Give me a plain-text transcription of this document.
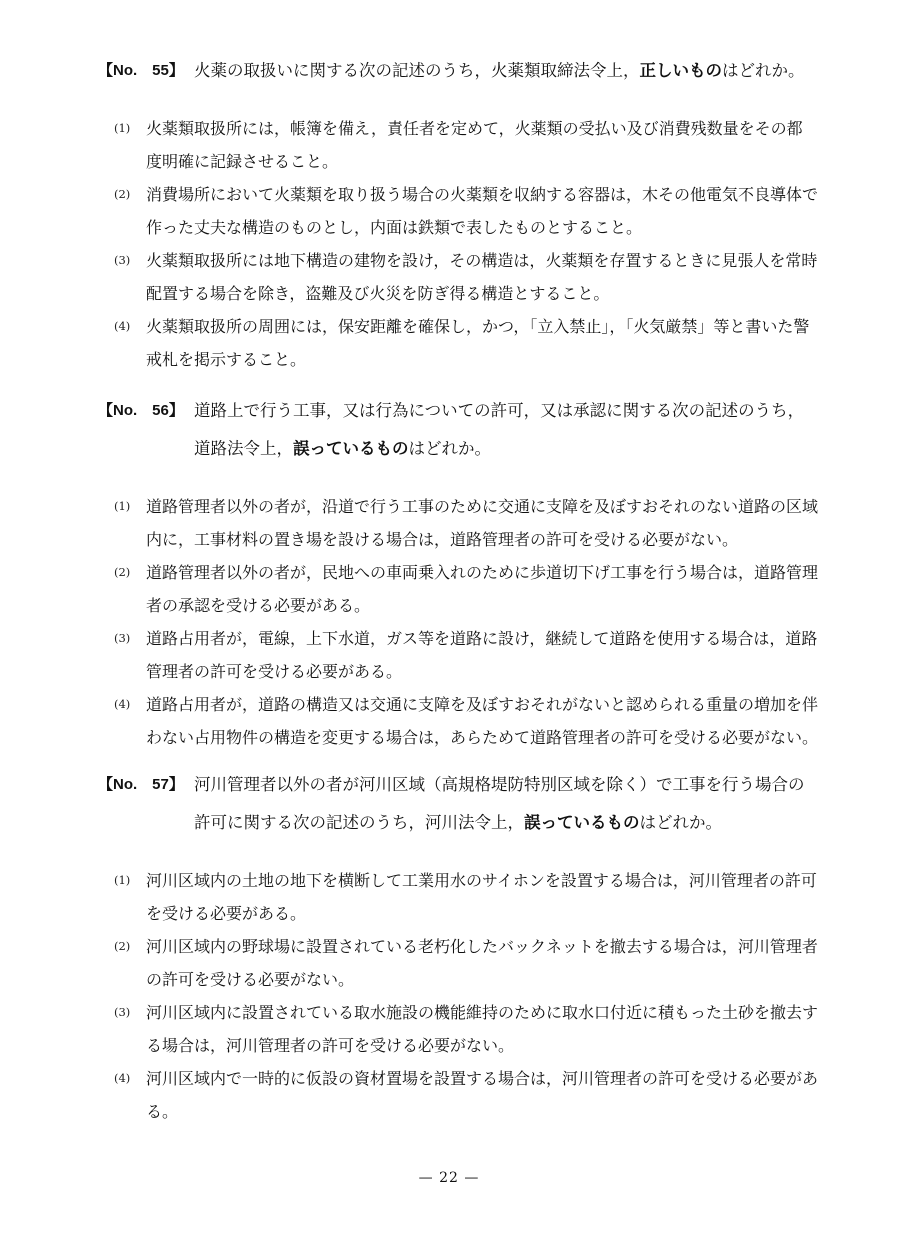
【No.　55】 火薬の取扱いに関する次の記述のうち，火薬類取締法令上，正しいものはどれか。
(1) 火薬類取扱所には，帳簿を備え，責任者を定めて，火薬類の受払い及び消費残数量をその都度明確に記録させること。
(2) 消費場所において火薬類を取り扱う場合の火薬類を収納する容器は，木その他電気不良導体で作った丈夫な構造のものとし，内面は鉄類で表したものとすること。
(3) 火薬類取扱所には地下構造の建物を設け，その構造は，火薬類を存置するときに見張人を常時配置する場合を除き，盗難及び火災を防ぎ得る構造とすること。
(4) 火薬類取扱所の周囲には，保安距離を確保し，かつ，「立入禁止」，「火気厳禁」等と書いた警戒札を掲示すること。
【No.　56】 道路上で行う工事，又は行為についての許可，又は承認に関する次の記述のうち，道路法令上，誤っているものはどれか。
(1) 道路管理者以外の者が，沿道で行う工事のために交通に支障を及ぼすおそれのない道路の区域内に，工事材料の置き場を設ける場合は，道路管理者の許可を受ける必要がない。
(2) 道路管理者以外の者が，民地への車両乗入れのために歩道切下げ工事を行う場合は，道路管理者の承認を受ける必要がある。
(3) 道路占用者が，電線，上下水道，ガス等を道路に設け，継続して道路を使用する場合は，道路管理者の許可を受ける必要がある。
(4) 道路占用者が，道路の構造又は交通に支障を及ぼすおそれがないと認められる重量の増加を伴わない占用物件の構造を変更する場合は，あらためて道路管理者の許可を受ける必要がない。
【No.　57】 河川管理者以外の者が河川区域（高規格堤防特別区域を除く）で工事を行う場合の許可に関する次の記述のうち，河川法令上，誤っているものはどれか。
(1) 河川区域内の土地の地下を横断して工業用水のサイホンを設置する場合は，河川管理者の許可を受ける必要がある。
(2) 河川区域内の野球場に設置されている老朽化したバックネットを撤去する場合は，河川管理者の許可を受ける必要がない。
(3) 河川区域内に設置されている取水施設の機能維持のために取水口付近に積もった土砂を撤去する場合は，河川管理者の許可を受ける必要がない。
(4) 河川区域内で一時的に仮設の資材置場を設置する場合は，河川管理者の許可を受ける必要がある。
— 22 —
